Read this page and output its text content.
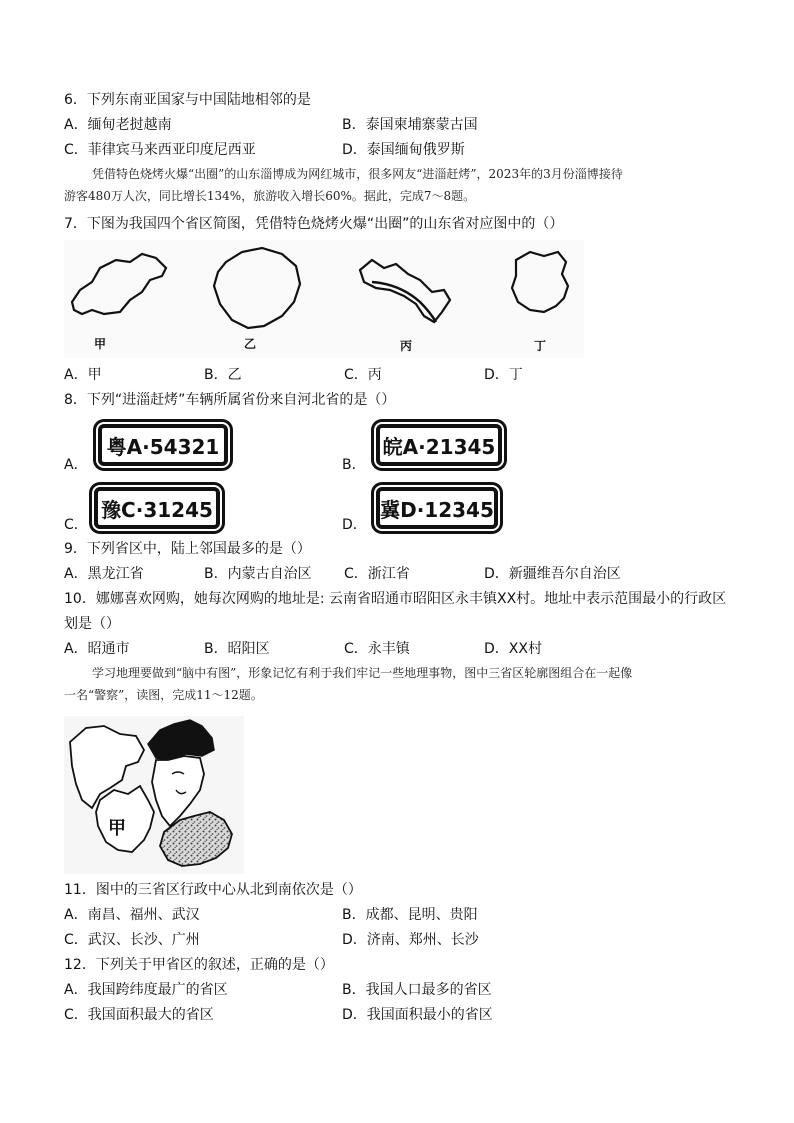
6．下列东南亚国家与中国陆地相邻的是
A．缅甸老挝越南	B．泰国柬埔寨蒙古国
C．菲律宾马来西亚印度尼西亚	D．泰国缅甸俄罗斯

凭借特色烧烤火爆“出圈”的山东淄博成为网红城市，很多网友“进淄赶烤”，2023年的3月份淄博接待

游客480万人次，同比增长134%，旅游收入增长60%。据此，完成7～8题。

7．下图为我国四个省区简图，凭借特色烧烤火爆“出圈”的山东省对应图中的（）
甲	乙	丙	丁
A．甲	B．乙	C．丙	D．丁
8．下列“进淄赶烤”车辆所属省份来自河北省的是（）
A．
粤A·54321
B．
皖A·21345
C．
豫C·31245
D．
冀D·12345
9．下列省区中，陆上邻国最多的是（）
A．黑龙江省	B．内蒙古自治区 C．浙江省	D．新疆维吾尔自治区
10．娜娜喜欢网购，她每次网购的地址是: 云南省昭通市昭阳区永丰镇XX村。地址中表示范围最小的行政区
划是（）
A．昭通市	B．昭阳区	C．永丰镇	D．XX村

学习地理要做到“脑中有图”，形象记忆有利于我们牢记一些地理事物，图中三省区轮廓图组合在一起像

一名“警察”，读图，完成11～12题。

甲
11．图中的三省区行政中心从北到南依次是（）
A．南昌、福州、武汉	B．成都、昆明、贵阳
C．武汉、长沙、广州	D．济南、郑州、长沙
12．下列关于甲省区的叙述，正确的是（）
A．我国跨纬度最广的省区	B．我国人口最多的省区
C．我国面积最大的省区	D．我国面积最小的省区
